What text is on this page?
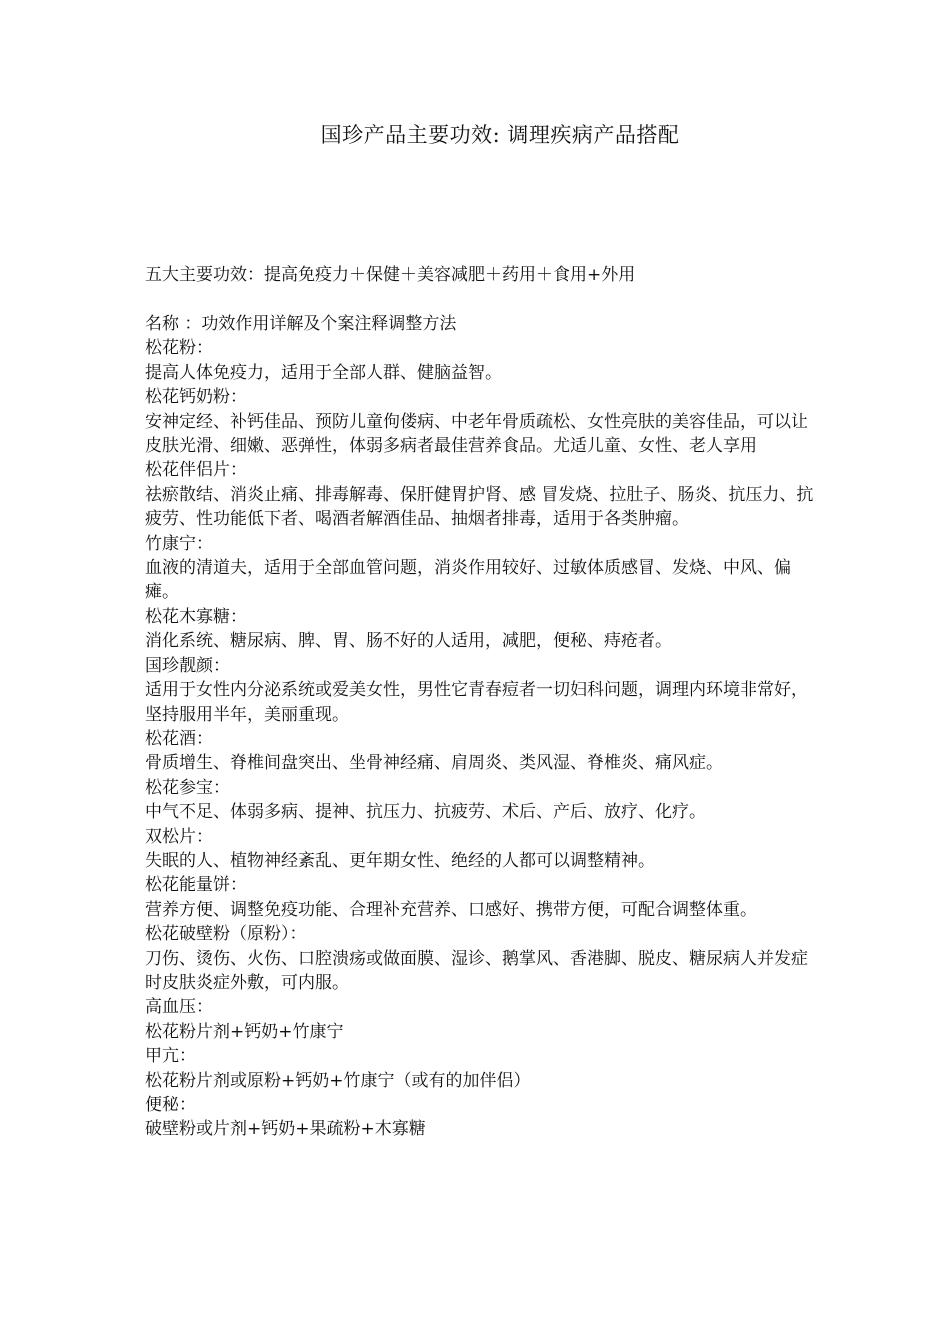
国珍产品主要功效: 调理疾病产品搭配

五大主要功效：提高免疫力＋保健＋美容减肥＋药用＋食用+外用

名称 ：功效作用详解及个案注释调整方法

松花粉：

提高人体免疫力，适用于全部人群、健脑益智。

松花钙奶粉：

安神定经、补钙佳品、预防儿童佝偻病、中老年骨质疏松、女性亮肤的美容佳品，可以让皮肤光滑、细嫩、恶弹性，体弱多病者最佳营养食品。尤适儿童、女性、老人享用

松花伴侣片：

祛瘀散结、消炎止痛、排毒解毒、保肝健胃护肾、感 冒发烧、拉肚子、肠炎、抗压力、抗疲劳、性功能低下者、喝酒者解酒佳品、抽烟者排毒，适用于各类肿瘤。

竹康宁：

血液的清道夫，适用于全部血管问题，消炎作用较好、过敏体质感冒、发烧、中风、偏瘫。

松花木寡糖：

消化系统、糖尿病、脾、胃、肠不好的人适用，减肥，便秘、痔疮者。

国珍靓颜：

适用于女性内分泌系统或爱美女性，男性它青春痘者一切妇科问题，调理内环境非常好，坚持服用半年，美丽重现。

松花酒：

骨质增生、脊椎间盘突出、坐骨神经痛、肩周炎、类风湿、脊椎炎、痛风症。

松花参宝：

中气不足、体弱多病、提神、抗压力、抗疲劳、术后、产后、放疗、化疗。

双松片：

失眠的人、植物神经紊乱、更年期女性、绝经的人都可以调整精神。

松花能量饼：

营养方便、调整免疫功能、合理补充营养、口感好、携带方便，可配合调整体重。

松花破壁粉（原粉）：

刀伤、烫伤、火伤、口腔溃疡或做面膜、湿诊、鹅掌风、香港脚、脱皮、糖尿病人并发症时皮肤炎症外敷，可内服。

高血压：

松花粉片剂+钙奶+竹康宁

甲亢：

松花粉片剂或原粉+钙奶+竹康宁（或有的加伴侣）

便秘：

破壁粉或片剂+钙奶+果疏粉+木寡糖
